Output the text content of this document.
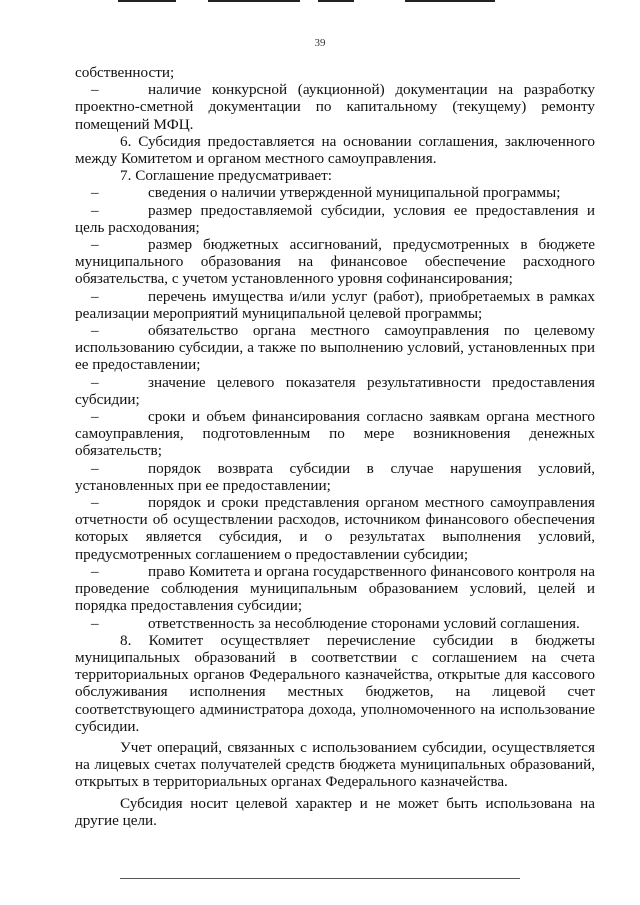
39

собственности;

–	наличие конкурсной (аукционной) документации на разработку проектно-сметной документации по капитальному (текущему) ремонту помещений МФЦ.

6. Субсидия предоставляется на основании соглашения, заключенного между Комитетом и органом местного самоуправления.

7. Соглашение предусматривает:

–	сведения о наличии утвержденной муниципальной программы;

–	размер предоставляемой субсидии, условия ее предоставления и цель расходования;

–	размер бюджетных ассигнований, предусмотренных в бюджете муниципального образования на финансовое обеспечение расходного обязательства, с учетом установленного уровня софинансирования;

–	перечень имущества и/или услуг (работ), приобретаемых в рамках реализации мероприятий муниципальной целевой программы;

–	обязательство органа местного самоуправления по целевому использованию субсидии, а также по выполнению условий, установленных при ее предоставлении;

–	значение целевого показателя результативности предоставления субсидии;

–	сроки и объем финансирования согласно заявкам органа местного самоуправления, подготовленным по мере возникновения денежных обязательств;

–	порядок возврата субсидии в случае нарушения условий, установленных при ее предоставлении;

–	порядок и сроки представления органом местного самоуправления отчетности об осуществлении расходов, источником финансового обеспечения которых является субсидия, и о результатах выполнения условий, предусмотренных соглашением о предоставлении субсидии;

–	право Комитета и органа государственного финансового контроля на проведение соблюдения муниципальным образованием условий, целей и порядка предоставления субсидии;

–	ответственность за несоблюдение сторонами условий соглашения.

8. Комитет осуществляет перечисление субсидии в бюджеты муниципальных образований в соответствии с соглашением на счета территориальных органов Федерального казначейства, открытые для кассового обслуживания исполнения местных бюджетов, на лицевой счет соответствующего администратора дохода, уполномоченного на использование субсидии.

Учет операций, связанных с использованием субсидии, осуществляется на лицевых счетах получателей средств бюджета муниципальных образований, открытых в территориальных органах Федерального казначейства.

Субсидия носит целевой характер и не может быть использована на другие цели.
